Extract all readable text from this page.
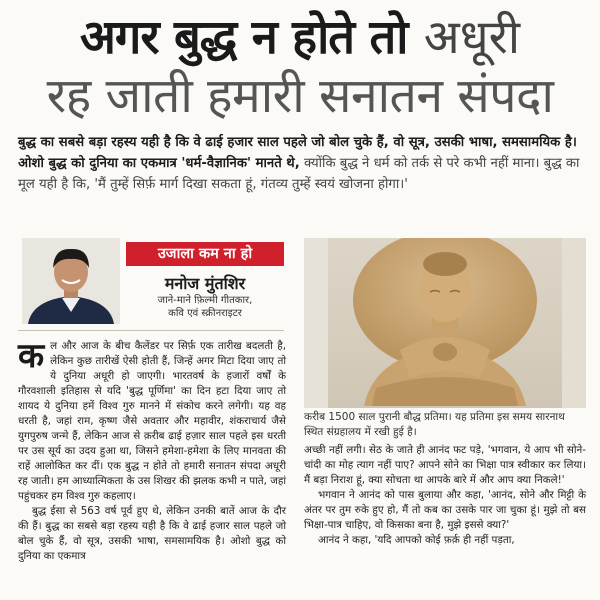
अगर बुद्ध न होते तो अधूरी
रह जाती हमारी सनातन संपदा

बुद्ध का सबसे बड़ा रहस्य यही है कि वे ढाई हजार साल पहले जो बोल चुके हैं, वो सूत्र, उसकी भाषा, समसामयिक है। ओशो बुद्ध को दुनिया का एकमात्र 'धर्म-वैज्ञानिक' मानते थे, क्योंकि बुद्ध ने धर्म को तर्क से परे कभी नहीं माना। बुद्ध का मूल यही है कि, 'मैं तुम्हें सिर्फ़ मार्ग दिखा सकता हूं, गंतव्य तुम्हें स्वयं खोजना होगा।'

उजाला कम ना हो
मनोज मुंतशिर
जाने-माने फ़िल्मी गीतकार,
कवि एवं स्क्रीनराइटर

करीब 1500 साल पुरानी बौद्ध प्रतिमा। यह प्रतिमा इस समय सारनाथ स्थित संग्रहालय में रखी हुई है।

कल और आज के बीच कैलेंडर पर सिर्फ़ एक तारीख बदलती है, लेकिन कुछ तारीखें ऐसी होती हैं, जिन्हें अगर मिटा दिया जाए तो ये दुनिया अधूरी हो जाएगी। भारतवर्ष के हजारों वर्षों के गौरवशाली इतिहास से यदि 'बुद्ध पूर्णिमा' का दिन हटा दिया जाए तो शायद ये दुनिया हमें विश्व गुरु मानने में संकोच करने लगेगी। यह वह धरती है, जहां राम, कृष्ण जैसे अवतार और महावीर, शंकराचार्य जैसे युगपुरुष जन्मे हैं, लेकिन आज से क़रीब ढाई हज़ार साल पहले इस धरती पर उस सूर्य का उदय हुआ था, जिसने हमेशा-हमेशा के लिए मानवता की राहें आलोकित कर दीं। एक बुद्ध न होते तो हमारी सनातन संपदा अधूरी रह जाती। हम आध्यात्मिकता के उस शिखर की झलक कभी न पाते, जहां पहुंचकर हम विश्व गुरु कहलाए।

बुद्ध ईसा से 563 वर्ष पूर्व हुए थे, लेकिन उनकी बातें आज के दौर की हैं। बुद्ध का सबसे बड़ा रहस्य यही है कि वे ढाई हजार साल पहले जो बोल चुके हैं, वो सूत्र, उसकी भाषा, समसामयिक है। ओशो बुद्ध को दुनिया का एकमात्र

अच्छी नहीं लगी। सेठ के जाते ही आनंद फट पड़े, 'भगवान, ये आप भी सोने-चांदी का मोह त्याग नहीं पाए? आपने सोने का भिक्षा पात्र स्वीकार कर लिया। मैं बड़ा निराश हूं, क्या सोचता था आपके बारे में और आप क्या निकले!'

भगवान ने आनंद को पास बुलाया और कहा, 'आनंद, सोने और मिट्टी के अंतर पर तुम रुके हुए हो, मैं तो कब का उसके पार जा चुका हूं। मुझे तो बस भिक्षा-पात्र चाहिए, वो किसका बना है, मुझे इससे क्या?'

आनंद ने कहा, 'यदि आपको कोई फ़र्क़ ही नहीं पड़ता,
